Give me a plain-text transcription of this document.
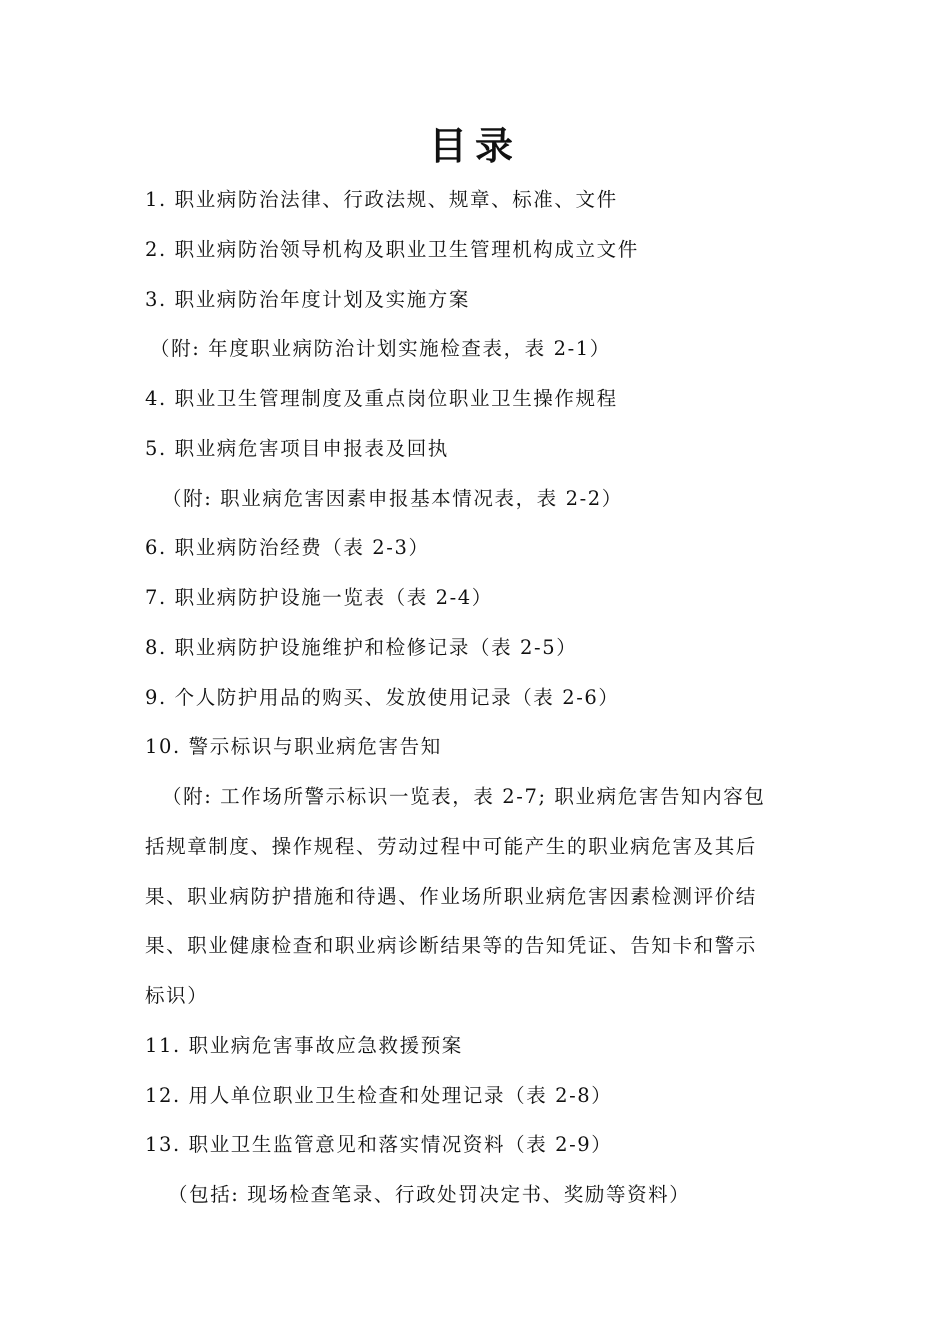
目录
1. 职业病防治法律、行政法规、规章、标准、文件
2. 职业病防治领导机构及职业卫生管理机构成立文件
3. 职业病防治年度计划及实施方案
（附: 年度职业病防治计划实施检查表，表 2-1）
4. 职业卫生管理制度及重点岗位职业卫生操作规程
5. 职业病危害项目申报表及回执
（附: 职业病危害因素申报基本情况表，表 2-2）
6. 职业病防治经费（表 2-3）
7. 职业病防护设施一览表（表 2-4）
8. 职业病防护设施维护和检修记录（表 2-5）
9. 个人防护用品的购买、发放使用记录（表 2-6）
10. 警示标识与职业病危害告知
（附: 工作场所警示标识一览表，表 2-7; 职业病危害告知内容包
括规章制度、操作规程、劳动过程中可能产生的职业病危害及其后
果、职业病防护措施和待遇、作业场所职业病危害因素检测评价结
果、职业健康检查和职业病诊断结果等的告知凭证、告知卡和警示
标识）
11. 职业病危害事故应急救援预案
12. 用人单位职业卫生检查和处理记录（表 2-8）
13. 职业卫生监管意见和落实情况资料（表 2-9）
（包括: 现场检查笔录、行政处罚决定书、奖励等资料）
